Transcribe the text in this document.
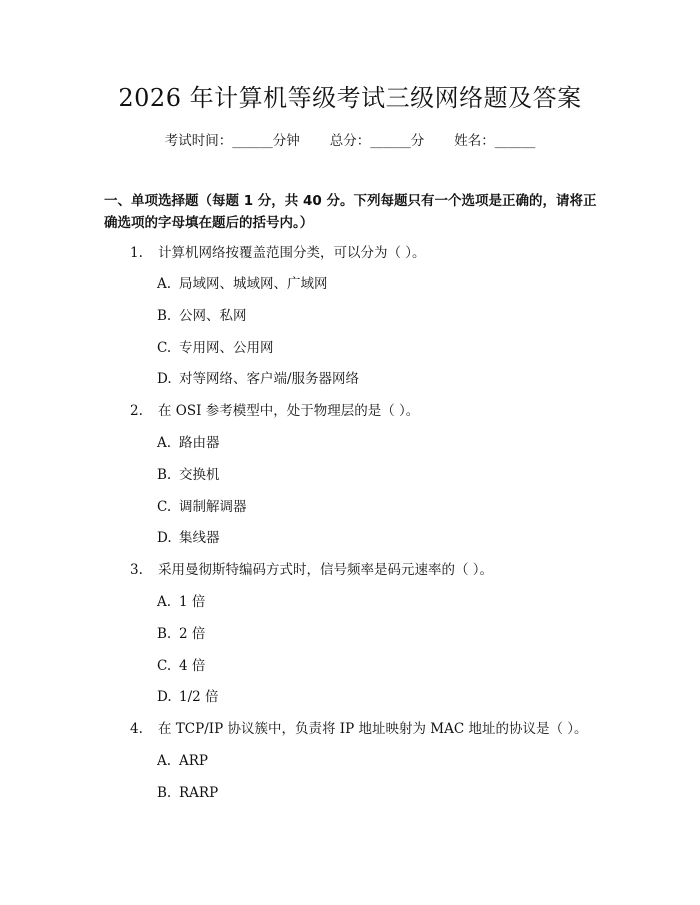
2026 年计算机等级考试三级网络题及答案
考试时间：______分钟 总分：______分 姓名：______
一、单项选择题（每题 1 分，共 40 分。下列每题只有一个选项是正确的，请将正确选项的字母填在题后的括号内。）
1. 计算机网络按覆盖范围分类，可以分为（ ）。
A. 局域网、城域网、广域网
B. 公网、私网
C. 专用网、公用网
D. 对等网络、客户端/服务器网络
2. 在 OSI 参考模型中，处于物理层的是（ ）。
A. 路由器
B. 交换机
C. 调制解调器
D. 集线器
3. 采用曼彻斯特编码方式时，信号频率是码元速率的（ ）。
A. 1 倍
B. 2 倍
C. 4 倍
D. 1/2 倍
4. 在 TCP/IP 协议簇中，负责将 IP 地址映射为 MAC 地址的协议是（ ）。
A. ARP
B. RARP
